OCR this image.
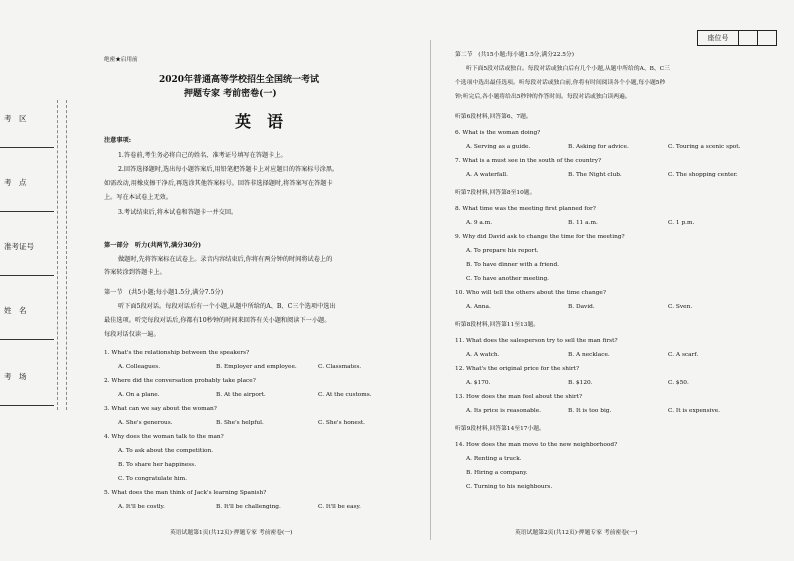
座位号
考　区
考　点
准考证号
姓　名
考　场
绝密★启用前
2020年普通高等学校招生全国统一考试
押题专家 考前密卷(一)
英　语
注意事项:
1.答卷前,考生务必将自己的姓名、准考证号填写在答题卡上。
2.回答选择题时,选出每小题答案后,用铅笔把答题卡上对应题目的答案标号涂黑。
如需改动,用橡皮擦干净后,再选涂其他答案标号。回答非选择题时,将答案写在答题卡
上。写在本试卷上无效。
3.考试结束后,将本试卷和答题卡一并交回。
第一部分　听力(共两节,满分30分)
做题时,先将答案标在试卷上。录音内容结束后,你将有两分钟的时间将试卷上的
答案转涂到答题卡上。
第一节　(共5小题;每小题1.5分,满分7.5分)
听下面5段对话。每段对话后有一个小题,从题中所给的A、B、C三个选项中选出
最佳选项。听完每段对话后,你都有10秒钟的时间来回答有关小题和阅读下一小题。
每段对话仅读一遍。
1. What's the relationship between the speakers?
A. Colleagues.	B. Employer and employee.	C. Classmates.
2. Where did the conversation probably take place?
A. On a plane.	B. At the airport.	C. At the customs.
3. What can we say about the woman?
A. She's generous.	B. She's helpful.	C. She's honest.
4. Why does the woman talk to the man?
A. To ask about the competition.
B. To share her happiness.
C. To congratulate him.
5. What does the man think of Jack's learning Spanish?
A. It'll be costly.	B. It'll be challenging.	C. It'll be easy.
英语试题第1页(共12页)·押题专家 考前密卷(一)
第二节　(共15小题;每小题1.5分,满分22.5分)
听下面5段对话或独白。每段对话或独白后有几个小题,从题中所给的A、B、C三
个选项中选出最佳选项。听每段对话或独白前,你将有时间阅读各个小题,每小题5秒
钟;听完后,各小题将给出5秒钟的作答时间。每段对话或独白读两遍。
听第6段材料,回答第6、7题。
6. What is the woman doing?
A. Serving as a guide.	B. Asking for advice.	C. Touring a scenic spot.
7. What is a must see in the south of the country?
A. A waterfall.	B. The Night club.	C. The shopping center.
听第7段材料,回答第8至10题。
8. What time was the meeting first planned for?
A. 9 a.m.	B. 11 a.m.	C. 1 p.m.
9. Why did David ask to change the time for the meeting?
A. To prepare his report.
B. To have dinner with a friend.
C. To have another meeting.
10. Who will tell the others about the time change?
A. Anna.	B. David.	C. Sven.
听第8段材料,回答第11至13题。
11. What does the salesperson try to sell the man first?
A. A watch.	B. A necklace.	C. A scarf.
12. What's the original price for the shirt?
A. $170.	B. $120.	C. $50.
13. How does the man feel about the shirt?
A. Its price is reasonable.	B. It is too big.	C. It is expensive.
听第9段材料,回答第14至17小题。
14. How does the man move to the new neighborhood?
A. Renting a truck.
B. Hiring a company.
C. Turning to his neighbours.
英语试题第2页(共12页)·押题专家 考前密卷(一)
